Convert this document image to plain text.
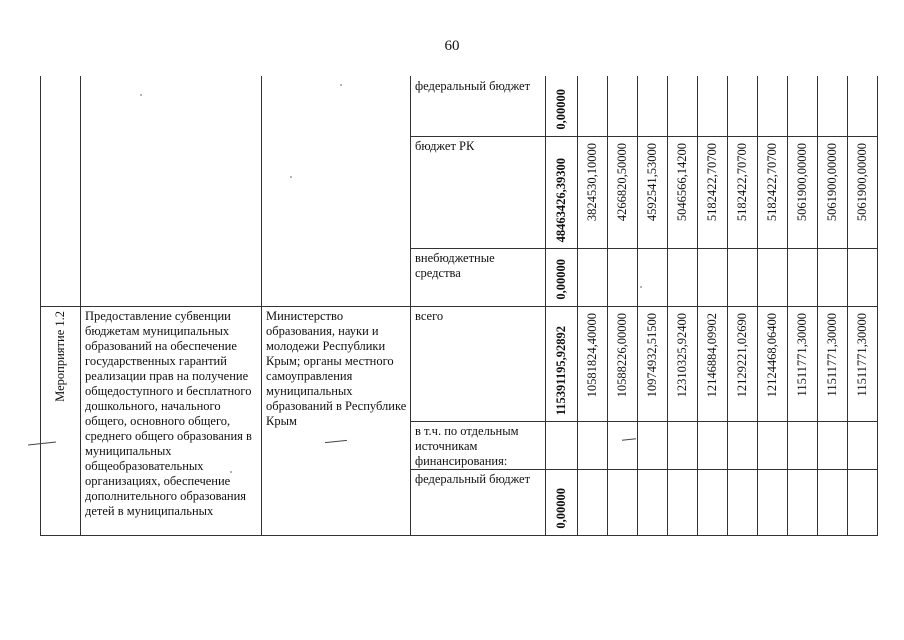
60
федеральный бюджет
0,00000
бюджет РК
48463426,39300 3824530,10000 4266820,50000 4592541,53000 5046566,14200 5182422,70700 5182422,70700 5182422,70700 5061900,00000 5061900,00000 5061900,00000
внебюджетные средства	0,00000
всего
115391195,92892 10581824,40000 10588226,00000 10974932,51500 12310325,92400 12146884,09902 12129221,02690 12124468,06400 11511771,30000 11511771,30000 11511771,30000
в т.ч. по отдельным источникам финансирования:
федеральный бюджет
0,00000
Мероприятие 1.2 Предоставление субвенции бюджетам муниципальных образований на обеспечение государственных гарантий реализации прав на получение общедоступного и бесплатного дошкольного, начального общего, основного общего, среднего общего образования в муниципальных общеобразовательных организациях, обеспечение дополнительного образования детей в муниципальных
Министерство образования, науки и молодежи Республики Крым; органы местного самоуправления муниципальных образований в Республике Крым
